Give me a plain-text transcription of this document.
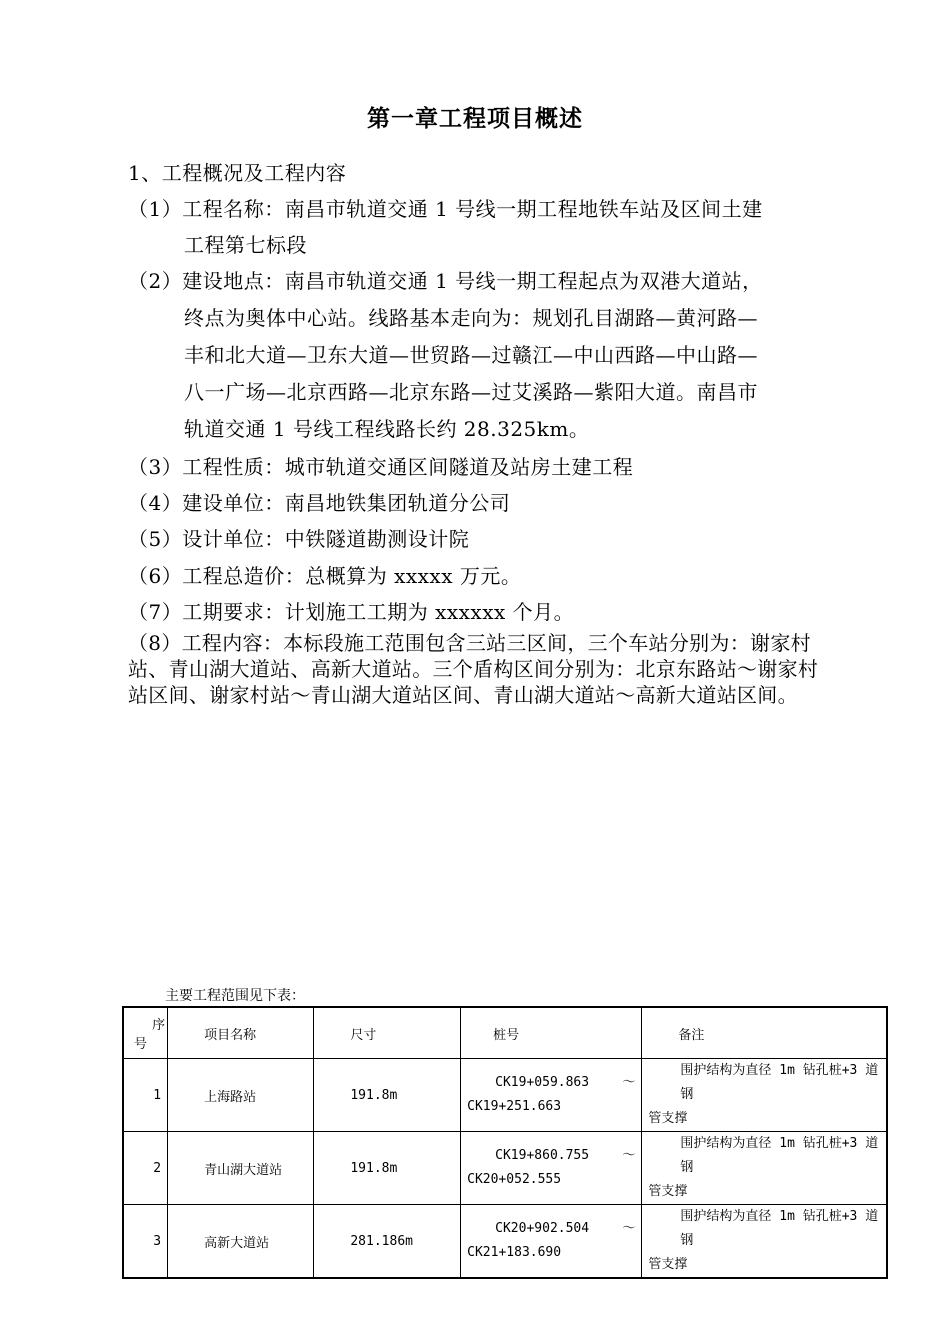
第一章工程项目概述
1、工程概况及工程内容
（1）工程名称：南昌市轨道交通 1 号线一期工程地铁车站及区间土建
工程第七标段
（2）建设地点：南昌市轨道交通 1 号线一期工程起点为双港大道站，
终点为奥体中心站。线路基本走向为：规划孔目湖路—黄河路—
丰和北大道—卫东大道—世贸路—过赣江—中山西路—中山路—
八一广场—北京西路—北京东路—过艾溪路—紫阳大道。南昌市
轨道交通 1 号线工程线路长约 28.325km。
（3）工程性质：城市轨道交通区间隧道及站房土建工程
（4）建设单位：南昌地铁集团轨道分公司
（5）设计单位：中铁隧道勘测设计院
（6）工程总造价：总概算为 xxxxx 万元。
（7）工期要求：计划施工工期为 xxxxxx 个月。
（8）工程内容：本标段施工范围包含三站三区间，三个车站分别为：谢家村站、青山湖大道站、高新大道站。三个盾构区间分别为：北京东路站～谢家村站区间、谢家村站～青山湖大道站区间、青山湖大道站～高新大道站区间。
主要工程范围见下表：
序
号	项目名称	尺寸	桩号	备注
1	上海路站	191.8m	CK19+059.863 ～
CK19+251.663	围护结构为直径 1m 钻孔桩+3 道钢
管支撑

2	青山湖大道站	191.8m	CK19+860.755 ～
CK20+052.555	围护结构为直径 1m 钻孔桩+3 道钢
管支撑

3	高新大道站	281.186m	CK20+902.504 ～
CK21+183.690	围护结构为直径 1m 钻孔桩+3 道钢
管支撑
